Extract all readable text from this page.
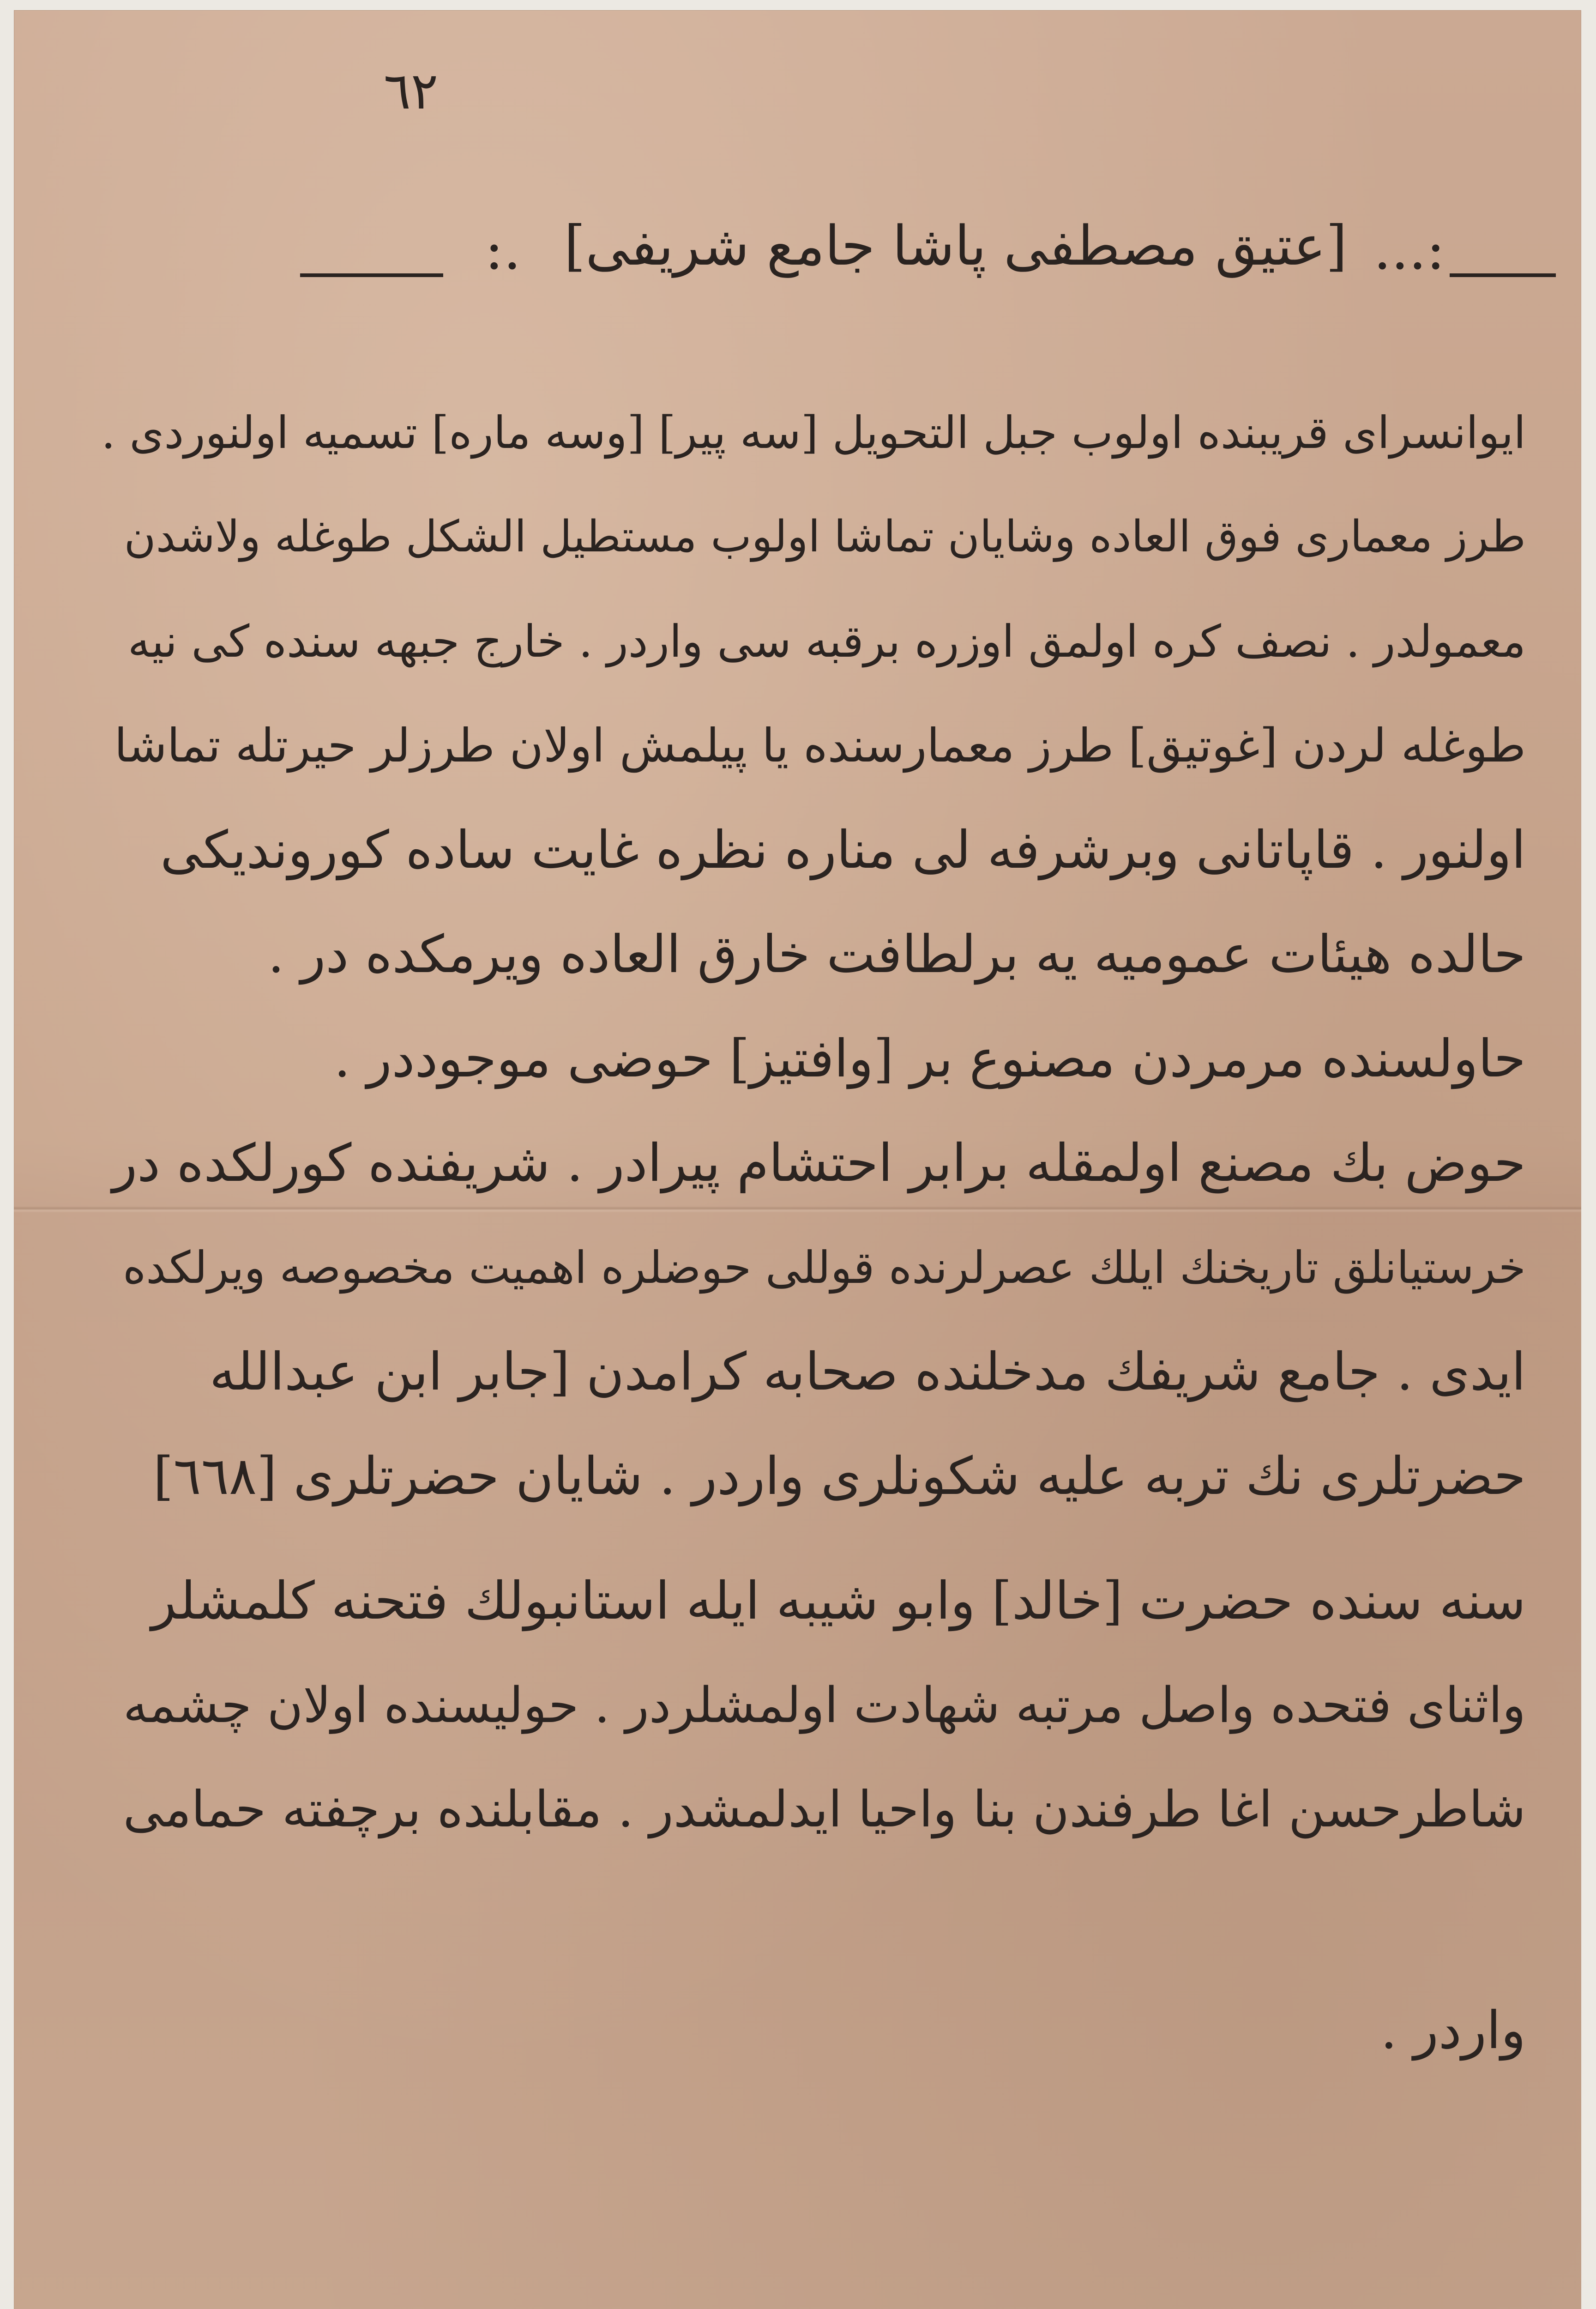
٦٢
...:
[عتيق مصطفى پاشا جامع شريفى]
:.
ايوانسراى قريبنده اولوب جبل التحويل [سه پير] [وسه ماره] تسميه اولنوردى .
طرز معمارى فوق العاده وشايان تماشا اولوب مستطيل الشكل طوغله ولاشدن
معمولدر . نصف كره اولمق اوزره برقبه سى واردر . خارج جبهه سنده كى نيه
طوغله لردن [غوتيق] طرز معمارسنده يا پيلمش اولان طرزلر حيرتله تماشا
اولنور . قاپاتانى وبرشرفه لى مناره نظره غايت ساده كورونديكى
حالده هيئات عموميه يه برلطافت خارق العاده ويرمكده در .
حاولسنده مرمردن مصنوع بر [وافتيز] حوضى موجوددر .
حوض بك مصنع اولمقله برابر احتشام پيرادر . شريفنده كورلكده در
خرستيانلق تاريخنك ايلك عصرلرنده قوللى حوضلره اهميت مخصوصه ويرلكده
ايدى . جامع شريفك مدخلنده صحابه كرامدن [جابر ابن عبدالله
حضرتلرى نك تربه عليه شكونلرى واردر . شايان حضرتلرى [٦٦٨]
سنه سنده حضرت [خالد] وابو شيبه ايله استانبولك فتحنه كلمشلر
واثناى فتحده واصل مرتبه شهادت اولمشلردر . حوليسنده اولان چشمه
شاطرحسن اغا طرفندن بنا واحيا ايدلمشدر . مقابلنده برچفته حمامى
واردر .
